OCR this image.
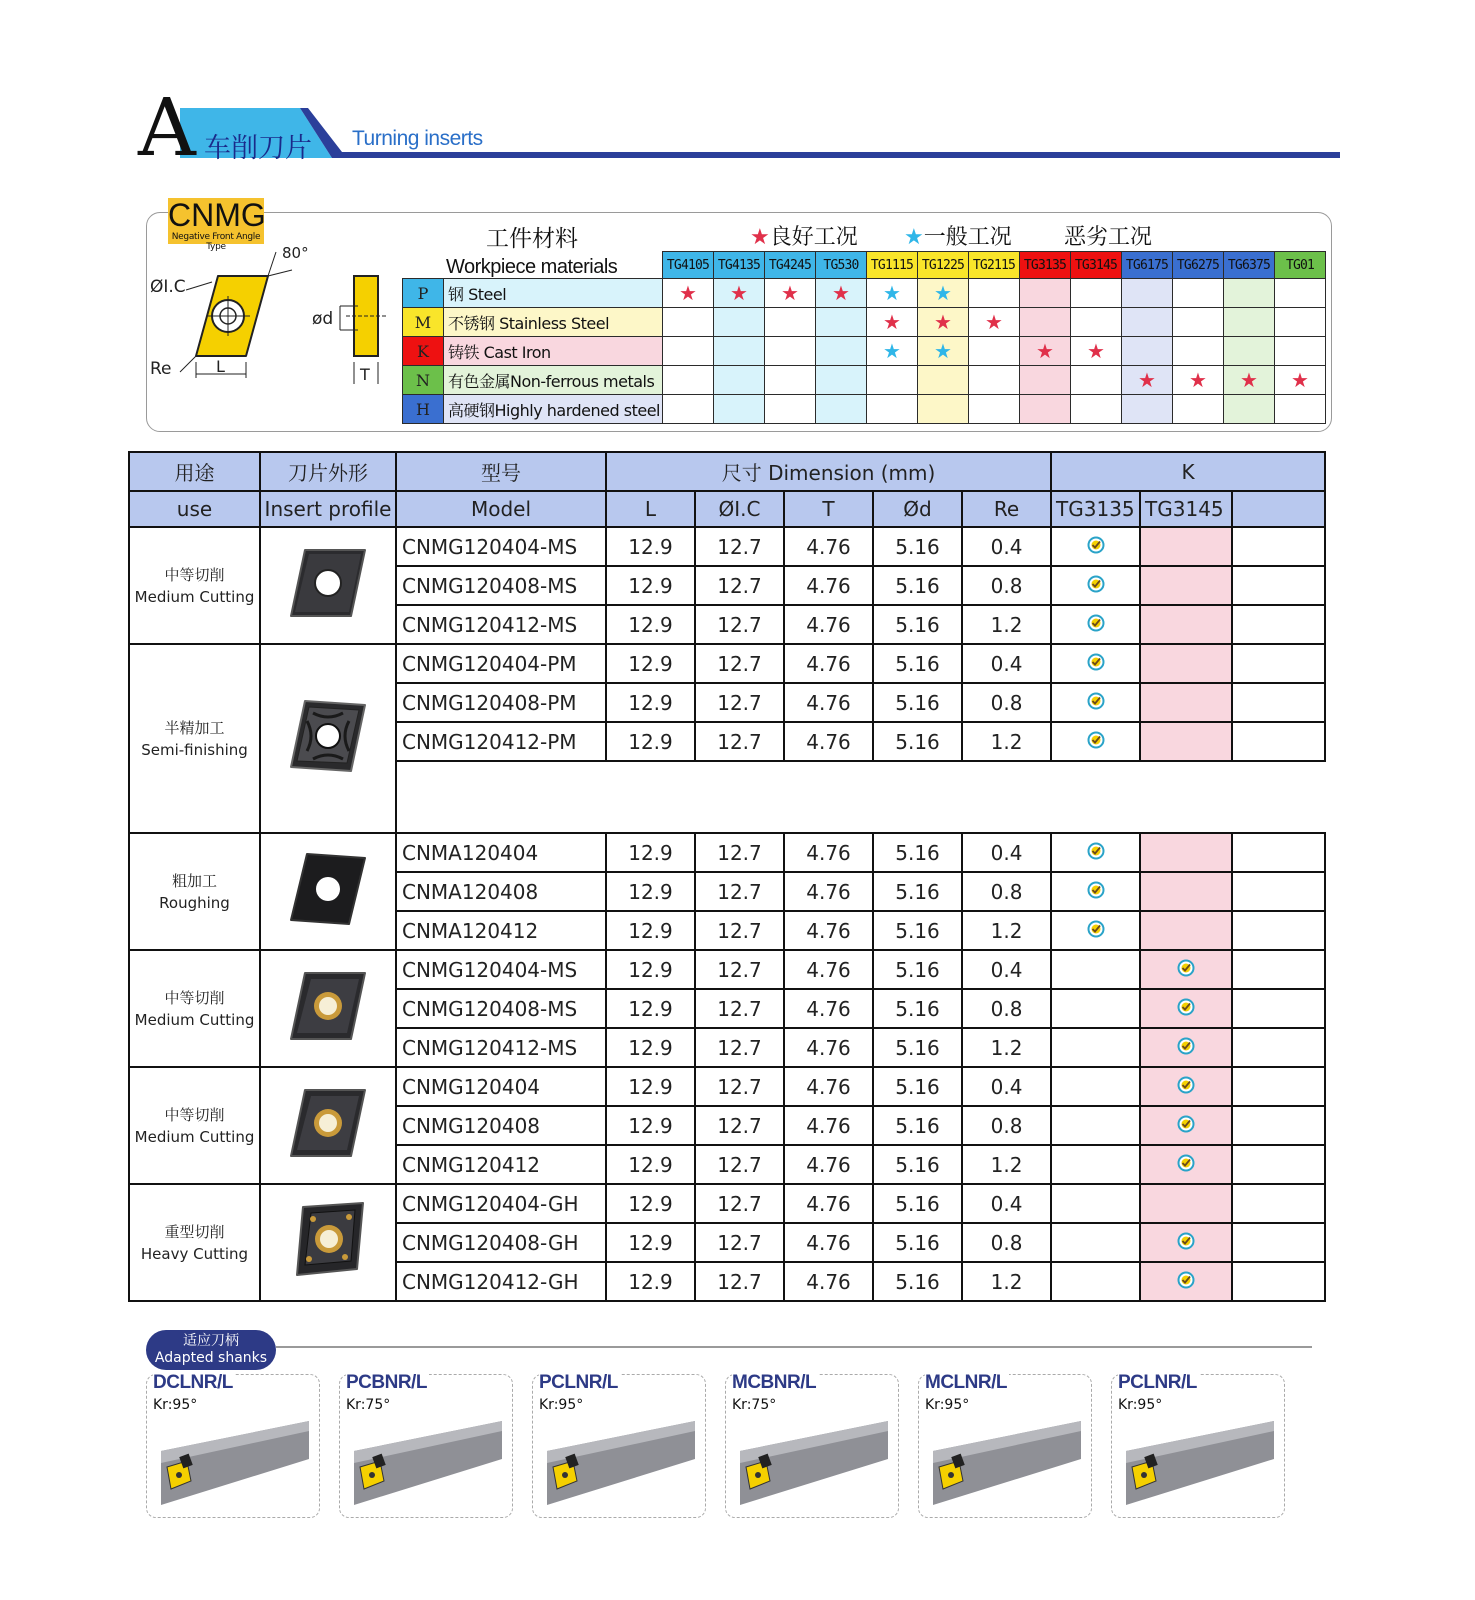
A 车削刀片 Turning inserts
CNMG
Negative Front Angle Type	80°
ØI.C
ød
Re	L	T
工件材料
Workpiece materials
★良好工况 ★一般工况 恶劣工况
		TG4105	TG4135	TG4245	TG530	TG1115	TG1225	TG2115	TG3135	TG3145	TG6175	TG6275	TG6375	TG01
P	钢 Steel	★	★	★	★	★	★							
M	不锈钢 Stainless Steel					★	★	★						
K	铸铁 Cast Iron					★	★		★	★				
N	有色金属Non-ferrous metals										★	★	★	★
H	高硬钢Highly hardened steel													
用途	刀片外形	型号	尺寸 Dimension (mm)					K		
use	Insert profile	Model	L	ØI.C	T	Ød	Re	TG3135	TG3145	

中等切削
Medium Cutting		CNMG120404-MS	12.9	12.7	4.76	5.16	0.4			
		CNMG120408-MS	12.9	12.7	4.76	5.16	0.8			
		CNMG120412-MS	12.9	12.7	4.76	5.16	1.2			

半精加工
Semi-finishing		CNMG120404-PM	12.9	12.7	4.76	5.16	0.4			
		CNMG120408-PM	12.9	12.7	4.76	5.16	0.8			
		CNMG120412-PM	12.9	12.7	4.76	5.16	1.2			

粗加工
Roughing		CNMA120404	12.9	12.7	4.76	5.16	0.4			
		CNMA120408	12.9	12.7	4.76	5.16	0.8			
		CNMA120412	12.9	12.7	4.76	5.16	1.2			

中等切削
Medium Cutting		CNMG120404-MS	12.9	12.7	4.76	5.16	0.4			
		CNMG120408-MS	12.9	12.7	4.76	5.16	0.8			
		CNMG120412-MS	12.9	12.7	4.76	5.16	1.2			

中等切削
Medium Cutting		CNMG120404	12.9	12.7	4.76	5.16	0.4			
		CNMG120408	12.9	12.7	4.76	5.16	0.8			
		CNMG120412	12.9	12.7	4.76	5.16	1.2			

重型切削
Heavy Cutting		CNMG120404-GH	12.9	12.7	4.76	5.16	0.4			
		CNMG120408-GH	12.9	12.7	4.76	5.16	0.8			
		CNMG120412-GH	12.9	12.7	4.76	5.16	1.2			
适应刀柄
Adapted shanks
DCLNR/L
Kr:95°
PCBNR/L
Kr:75°
PCLNR/L
Kr:95°
MCBNR/L
Kr:75°
MCLNR/L
Kr:95°
PCLNR/L
Kr:95°
